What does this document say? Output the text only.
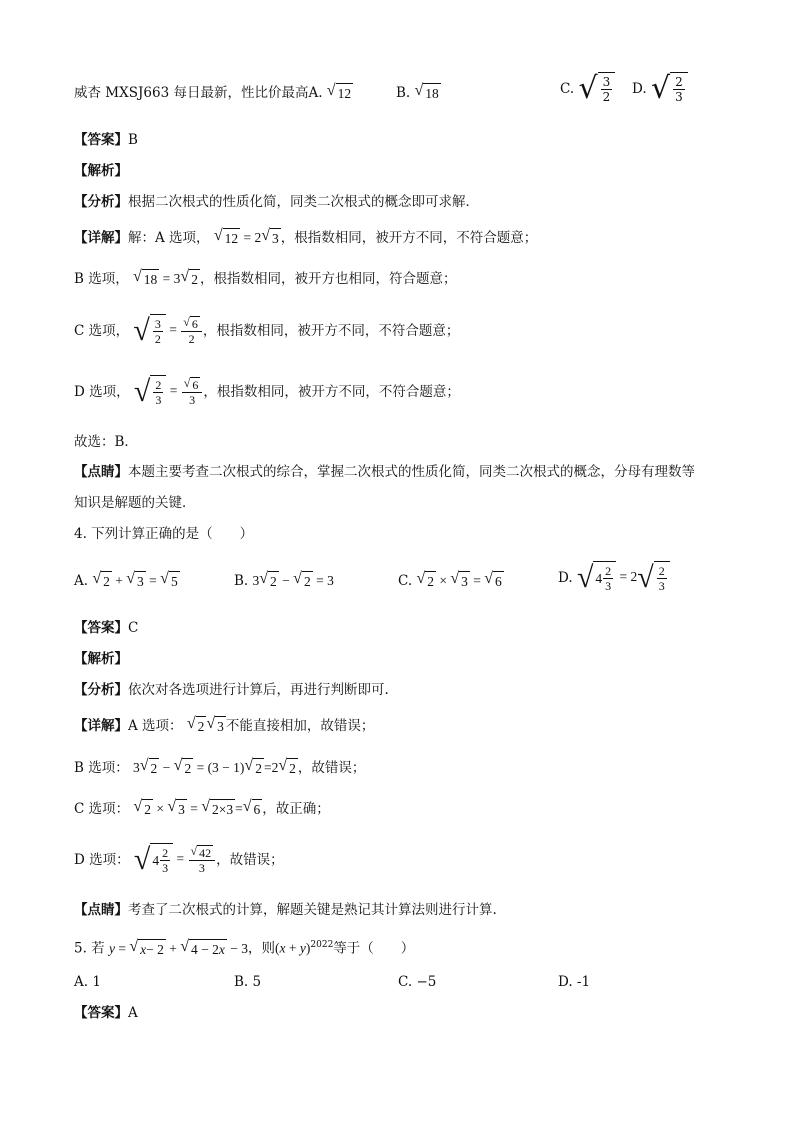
威杏 MXSJ663 每日最新，性比价最高A. √ 12	B. √ 18	C. √ $\frac{3}{2} D$. √ $\frac{2}{3}$
【答案】B
【解析】
【分析】根据二次根式的性质化简，同类二次根式的概念即可求解．
【详解】解：A 选项， √ 12 = 2 √ 3 ，根指数相同，被开方不同，不符合题意；
B 选项， √ 18 = 3 √ 2 ，根指数相同，被开方也相同，符合题意；
C 选项， √ $\frac{3}{2} = \frac{√ 6}{2}$ ，根指数相同，被开方不同，不符合题意；
D 选项， √ $\frac{2}{3} = \frac{√ 6}{3}$ ，根指数相同，被开方不同，不符合题意；
故选：B．
【点睛】本题主要考查二次根式的综合，掌握二次根式的性质化简，同类二次根式的概念，分母有理数等
知识是解题的关键．
4. 下列计算正确的是（　　）
A. √ 2 + √ 3 = √ 5	B. 3 √ 2 − √ 2 = 3	C. √ 2 × √ 3 = √ 6	D. √ $4 \frac{2}{3} = 2$ √ $\frac{2}{3}$
【答案】C
【解析】
【分析】依次对各选项进行计算后，再进行判断即可.
【详解】A 选项： √ 2 √ 3 不能直接相加，故错误；
B 选项： 3 √ 2 − √ 2 = (3 − 1) √ 2 =2 √ 2 ，故错误；
C 选项： √ 2 × √ 3 = √ 2×3 = √ 6 ，故正确；
D 选项： √ $4 \frac{2}{3} = \frac{√ 42}{3}$ ，故错误；
【点睛】考查了二次根式的计算，解题关键是熟记其计算法则进行计算.
5. 若 y = √ x − 2 + √ 4 − 2 x − 3，则$(x + y)^{2022}$等于（　　）
A. 1	B. 5	C. −5	D. -1
【答案】A
